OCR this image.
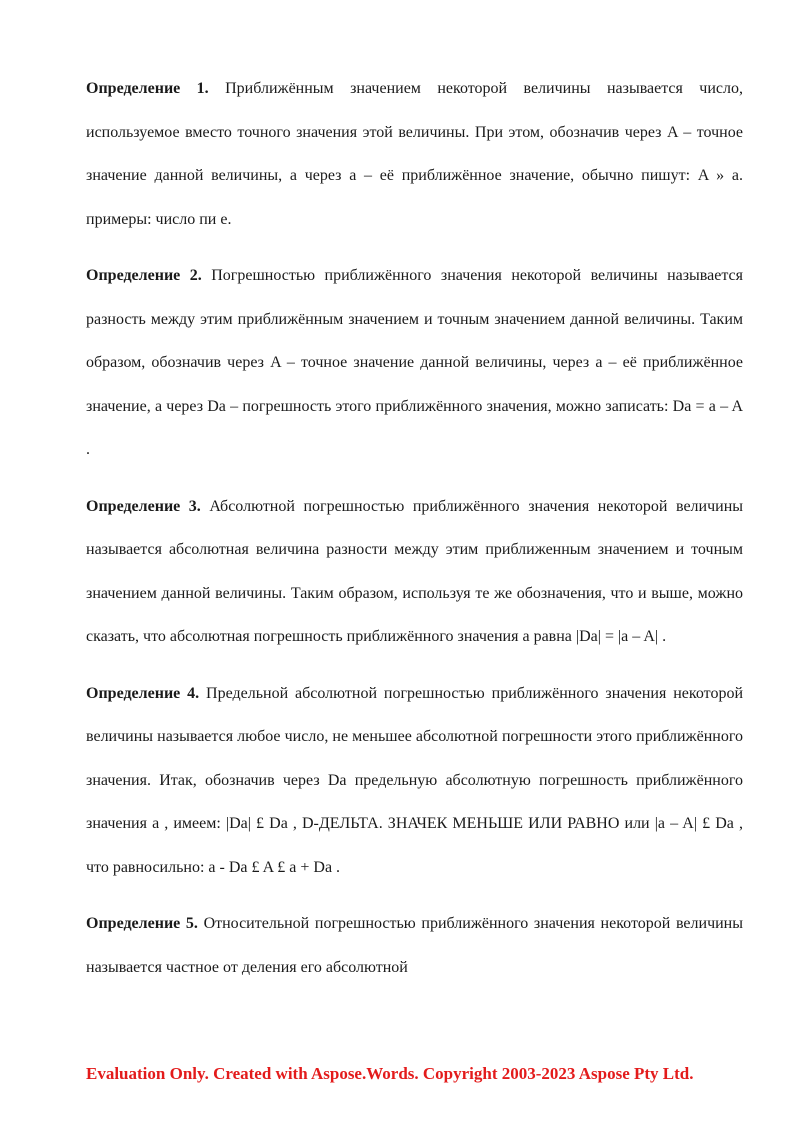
Определение 1. Приближённым значением некоторой величины называется число, используемое вместо точного значения этой величины. При этом, обозначив через A – точное значение данной величины, а через a – её приближённое значение, обычно пишут: A » a. примеры: число пи е.

Определение 2. Погрешностью приближённого значения некоторой величины называется разность между этим приближённым значением и точным значением данной величины. Таким образом, обозначив через A – точное значение данной величины, через a – её приближённое значение, а через Da – погрешность этого приближённого значения, можно записать: Da = a – A .

Определение 3. Абсолютной погрешностью приближённого значения некоторой величины называется абсолютная величина разности между этим приближенным значением и точным значением данной величины. Таким образом, используя те же обозначения, что и выше, можно сказать, что абсолютная погрешность приближённого значения a равна |Da| = |a – A| .

Определение 4. Предельной абсолютной погрешностью приближённого значения некоторой величины называется любое число, не меньшее абсолютной погрешности этого приближённого значения. Итак, обозначив через Da предельную абсолютную погрешность приближённого значения a , имеем: |Da| £ Da , D-ДЕЛЬТА. ЗНАЧЕК МЕНЬШЕ ИЛИ РАВНО или |a – A| £ Da , что равносильно: a - Da £ A £ a + Da .

Определение 5. Относительной погрешностью приближённого значения некоторой величины называется частное от деления его абсолютной

Evaluation Only. Created with Aspose.Words. Copyright 2003-2023 Aspose Pty Ltd.
